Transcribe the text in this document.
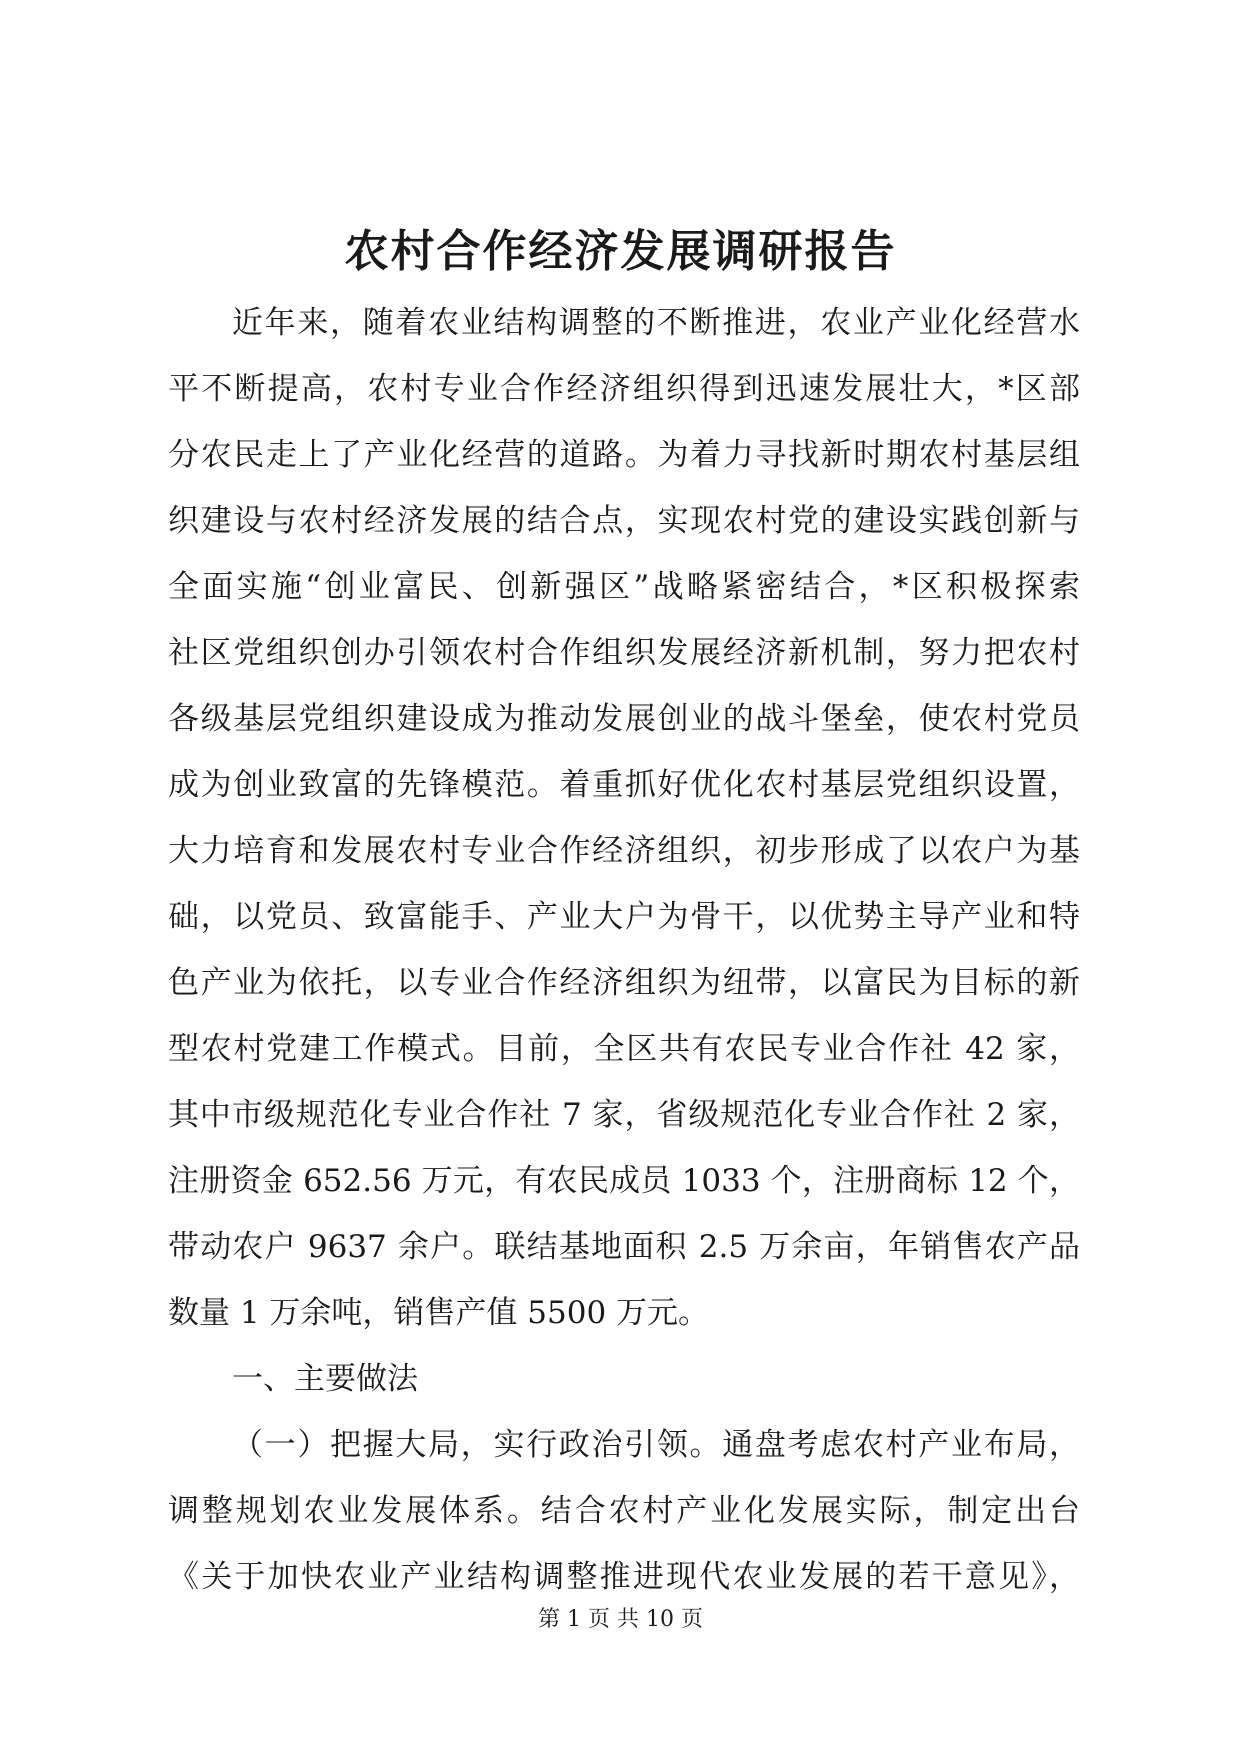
农村合作经济发展调研报告
近年来，随着农业结构调整的不断推进，农业产业化经营水
平不断提高，农村专业合作经济组织得到迅速发展壮大，*区部
分农民走上了产业化经营的道路。为着力寻找新时期农村基层组
织建设与农村经济发展的结合点，实现农村党的建设实践创新与
全面实施“创业富民、创新强区”战略紧密结合，*区积极探索
社区党组织创办引领农村合作组织发展经济新机制，努力把农村
各级基层党组织建设成为推动发展创业的战斗堡垒，使农村党员
成为创业致富的先锋模范。着重抓好优化农村基层党组织设置，
大力培育和发展农村专业合作经济组织，初步形成了以农户为基
础，以党员、致富能手、产业大户为骨干，以优势主导产业和特
色产业为依托，以专业合作经济组织为纽带，以富民为目标的新
型农村党建工作模式。目前，全区共有农民专业合作社 42 家，
其中市级规范化专业合作社 7 家，省级规范化专业合作社 2 家，
注册资金 652.56 万元，有农民成员 1033 个，注册商标 12 个，
带动农户 9637 余户。联结基地面积 2.5 万余亩，年销售农产品
数量 1 万余吨，销售产值 5500 万元。
一、主要做法
（一）把握大局，实行政治引领。通盘考虑农村产业布局，
调整规划农业发展体系。结合农村产业化发展实际，制定出台
《关于加快农业产业结构调整推进现代农业发展的若干意见》，
第 1 页 共 10 页
